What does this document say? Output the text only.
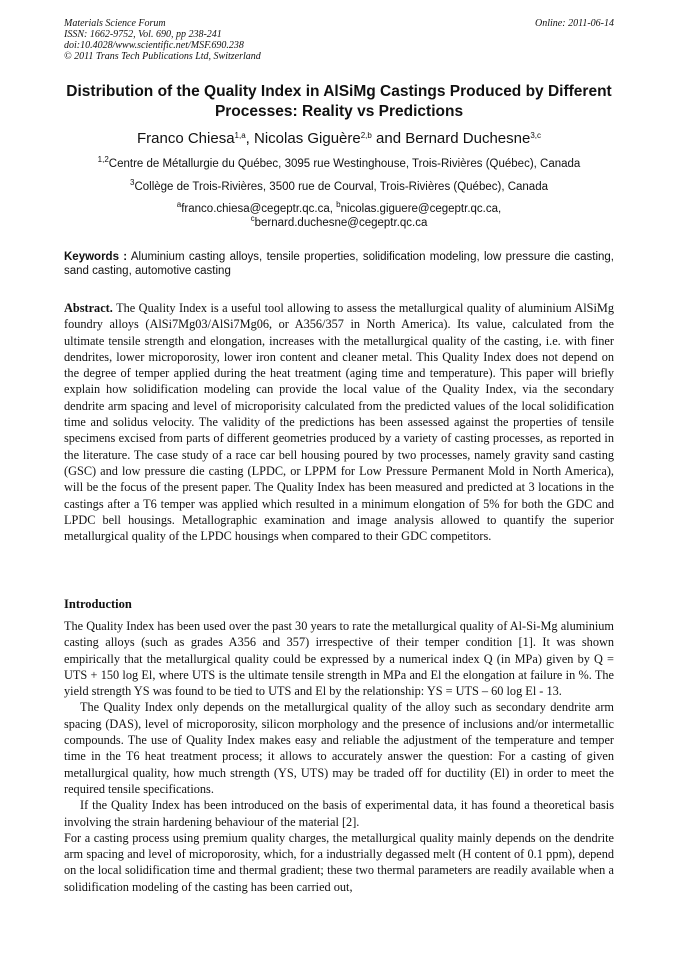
Materials Science Forum
ISSN: 1662-9752, Vol. 690, pp 238-241
doi:10.4028/www.scientific.net/MSF.690.238
© 2011 Trans Tech Publications Ltd, Switzerland
Online: 2011-06-14
Distribution of the Quality Index in AlSiMg Castings Produced by Different Processes: Reality vs Predictions
Franco Chiesa$^{1,a}$, Nicolas Giguère$^{2,b}$ and Bernard Duchesne$^{3,c}$
$^{1,2}$Centre de Métallurgie du Québec, 3095 rue Westinghouse, Trois-Rivières (Québec), Canada
$^3$Collège de Trois-Rivières, 3500 rue de Courval, Trois-Rivières (Québec), Canada
$^a$franco.chiesa@cegeptr.qc.ca, $^b$nicolas.giguere@cegeptr.qc.ca,
$^c$bernard.duchesne@cegeptr.qc.ca
Keywords : Aluminium casting alloys, tensile properties, solidification modeling, low pressure die casting, sand casting, automotive casting
Abstract. The Quality Index is a useful tool allowing to assess the metallurgical quality of aluminium AlSiMg foundry alloys (AlSi7Mg03/AlSi7Mg06, or A356/357 in North America). Its value, calculated from the ultimate tensile strength and elongation, increases with the metallurgical quality of the casting, i.e. with finer dendrites, lower microporosity, lower iron content and cleaner metal. This Quality Index does not depend on the degree of temper applied during the heat treatment (aging time and temperature). This paper will briefly explain how solidification modeling can provide the local value of the Quality Index, via the secondary dendrite arm spacing and level of microporisity calculated from the predicted values of the local solidification time and solidus velocity. The validity of the predictions has been assessed against the properties of tensile specimens excised from parts of different geometries produced by a variety of casting processes, as reported in the literature. The case study of a race car bell housing poured by two processes, namely gravity sand casting (GSC) and low pressure die casting (LPDC, or LPPM for Low Pressure Permanent Mold in North America), will be the focus of the present paper. The Quality Index has been measured and predicted at 3 locations in the castings after a T6 temper was applied which resulted in a minimum elongation of 5% for both the GDC and LPDC bell housings. Metallographic examination and image analysis allowed to quantify the superior metallurgical quality of the LPDC housings when compared to their GDC competitors.
Introduction

The Quality Index has been used over the past 30 years to rate the metallurgical quality of Al-Si-Mg aluminium casting alloys (such as grades A356 and 357) irrespective of their temper condition [1]. It was shown empirically that the metallurgical quality could be expressed by a numerical index Q (in MPa) given by Q = UTS + 150 log El, where UTS is the ultimate tensile strength in MPa and El the elongation at failure in %. The yield strength YS was found to be tied to UTS and El by the relationship: YS = UTS – 60 log El - 13.

The Quality Index only depends on the metallurgical quality of the alloy such as secondary dendrite arm spacing (DAS), level of microporosity, silicon morphology and the presence of inclusions and/or intermetallic compounds. The use of Quality Index makes easy and reliable the adjustment of the temperature and temper time in the T6 heat treatment process; it allows to accurately answer the question: For a casting of given metallurgical quality, how much strength (YS, UTS) may be traded off for ductility (El) in order to meet the required tensile specifications.

If the Quality Index has been introduced on the basis of experimental data, it has found a theoretical basis involving the strain hardening behaviour of the material [2].

For a casting process using premium quality charges, the metallurgical quality mainly depends on the dendrite arm spacing and level of microporosity, which, for a industrially degassed melt (H content of 0.1 ppm), depend on the local solidification time and thermal gradient; these two thermal parameters are readily available when a solidification modeling of the casting has been carried out,
